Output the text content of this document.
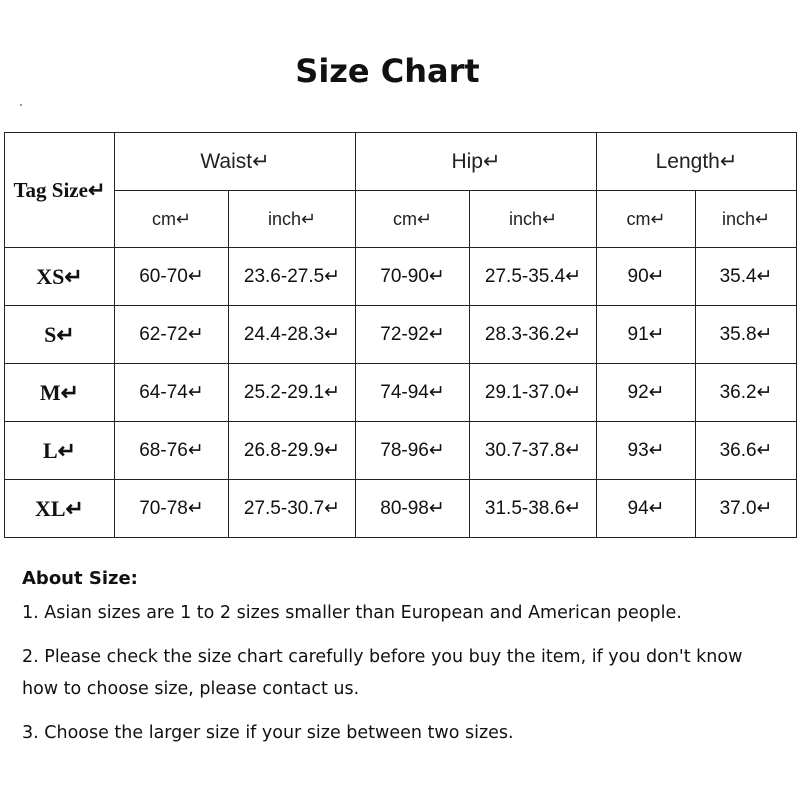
Size Chart
Tag Size↵	Waist↵		Hip↵		Length↵	
	cm↵	inch↵	cm↵	inch↵	cm↵	inch↵
XS↵	60-70↵	23.6-27.5↵	70-90↵	27.5-35.4↵	90↵	35.4↵
S↵	62-72↵	24.4-28.3↵	72-92↵	28.3-36.2↵	91↵	35.8↵
M↵	64-74↵	25.2-29.1↵	74-94↵	29.1-37.0↵	92↵	36.2↵
L↵	68-76↵	26.8-29.9↵	78-96↵	30.7-37.8↵	93↵	36.6↵
XL↵	70-78↵	27.5-30.7↵	80-98↵	31.5-38.6↵	94↵	37.0↵
About Size:
1. Asian sizes are 1 to 2 sizes smaller than European and American people.
2. Please check the size chart carefully before you buy the item, if you don't know how to choose size, please contact us.
3. Choose the larger size if your size between two sizes.
